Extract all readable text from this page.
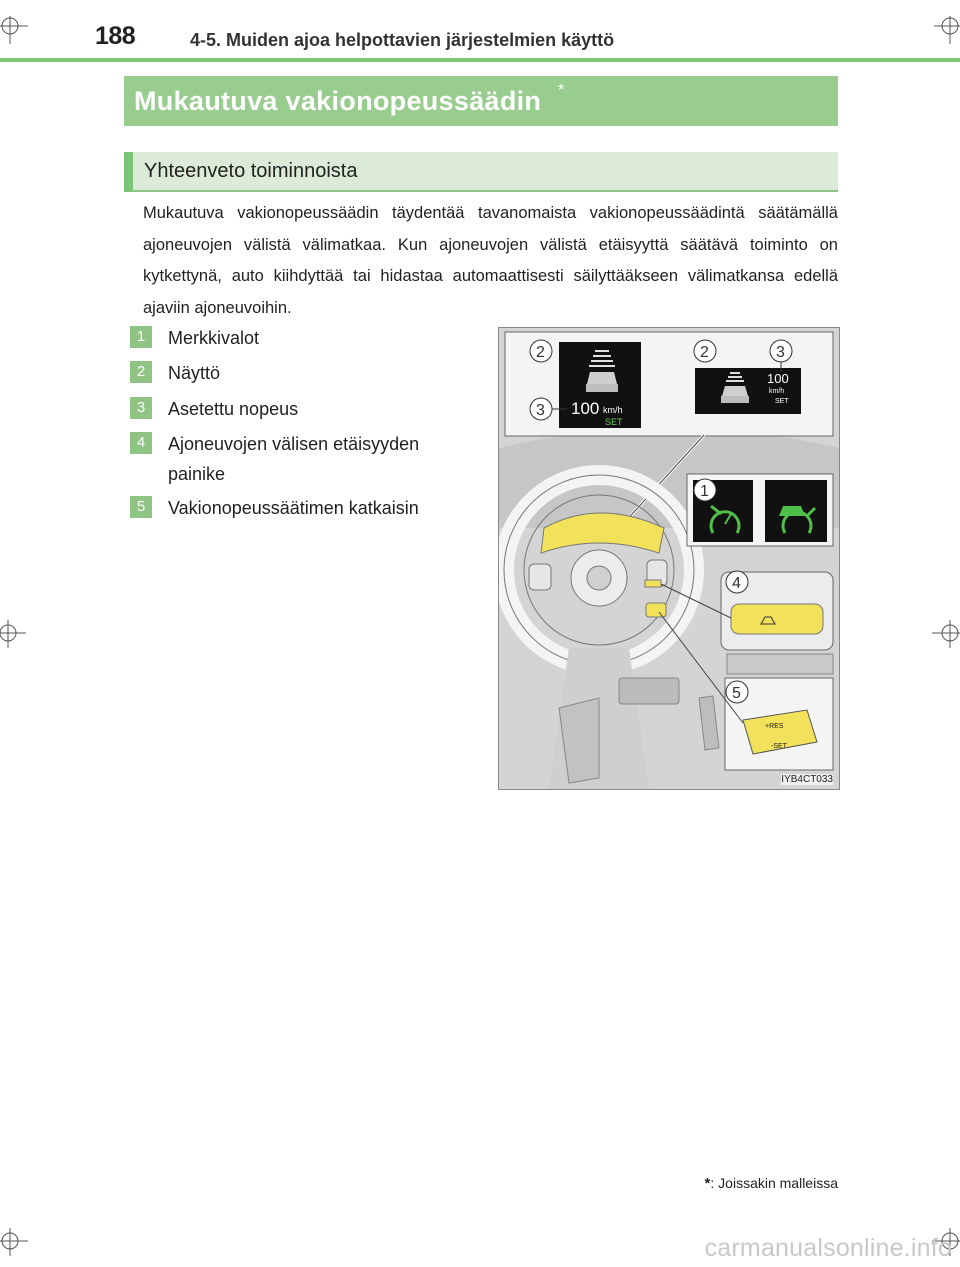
188	4-5. Muiden ajoa helpottavien järjestelmien käyttö
Mukautuva vakionopeussäädin *
Yhteenveto toiminnoista
Mukautuva vakionopeussäädin täydentää tavanomaista vakionopeussäädintä säätämällä ajoneuvojen välistä välimatkaa. Kun ajoneuvojen välistä etäisyyttä säätävä toiminto on kytkettynä, auto kiihdyttää tai hidastaa automaattisesti säilyttääkseen välimatkansa edellä ajaviin ajoneuvoihin.
1	Merkkivalot
2	Näyttö
3	Asetettu nopeus
4	Ajoneuvojen välisen etäisyyden painike
5	Vakionopeussäätimen katkaisin
100 km/h
SET
100
km/h
SET
2	2	3
3
1
4
+RES
-SET
5
IYB4CT033
*: Joissakin malleissa
carmanualsonline.info
